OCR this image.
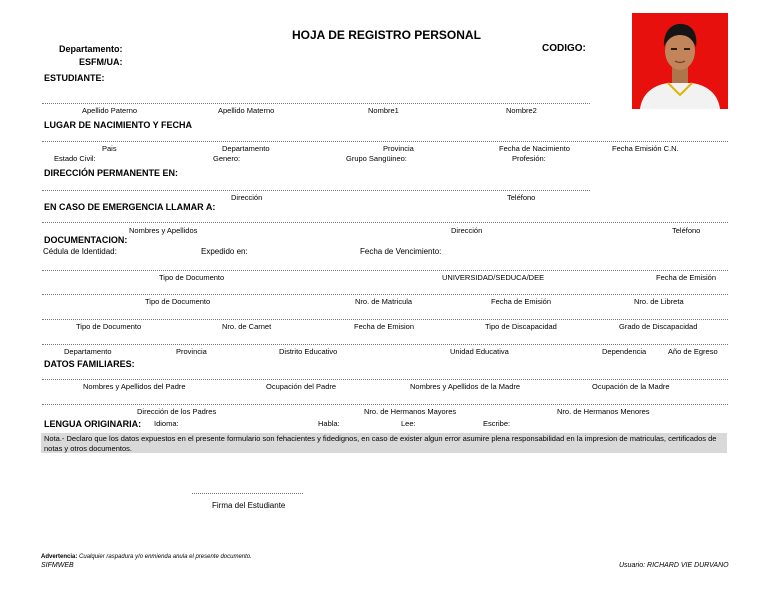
HOJA DE REGISTRO PERSONAL
CODIGO:
Departamento:
ESFM/UA:
ESTUDIANTE:
Apellido Paterno	Apellido Materno	Nombre1	Nombre2
LUGAR DE NACIMIENTO Y FECHA
Pais	Departamento	Provincia	Fecha de Nacimiento	Fecha Emisión C.N.
Estado Civil:	Genero:	Grupo Sangüineo:	Profesión:
DIRECCIÓN PERMANENTE EN:
Dirección	Teléfono
EN CASO DE EMERGENCIA LLAMAR A:
Nombres y Apellidos	Dirección	Teléfono
DOCUMENTACION:
Cédula de Identidad:	Expedido en:	Fecha de Vencimiento:
Tipo de Documento	UNIVERSIDAD/SEDUCA/DEE	Fecha de Emisión
Tipo de Documento	Nro. de Matricula	Fecha de Emisión	Nro. de Libreta
Tipo de Documento	Nro. de Carnet	Fecha de Emision	Tipo de Discapacidad	Grado de Discapacidad
Departamento	Provincia	Distrito Educativo	Unidad Educativa	Dependencia	Año de Egreso
DATOS FAMILIARES:
Nombres y Apellidos del Padre	Ocupación del Padre	Nombres y Apellidos de la Madre	Ocupación de la Madre
Dirección de los Padres	Nro. de Hermanos Mayores	Nro. de Hermanos Menores
LENGUA ORIGINARIA: Idioma:	Habla:	Lee:	Escribe:
Nota.- Declaro que los datos expuestos en el presente formulario son fehacientes y fidedignos, en caso de exister algun error asumire plena responsabilidad en la impresion de matriculas, certificados de notas y otros documentos.
Firma del Estudiante
Advertencia: Cualquier raspadura y/o enmienda anula el presente documento.
SIFMWEB	Usuario: RICHARD VIE DURVANO
